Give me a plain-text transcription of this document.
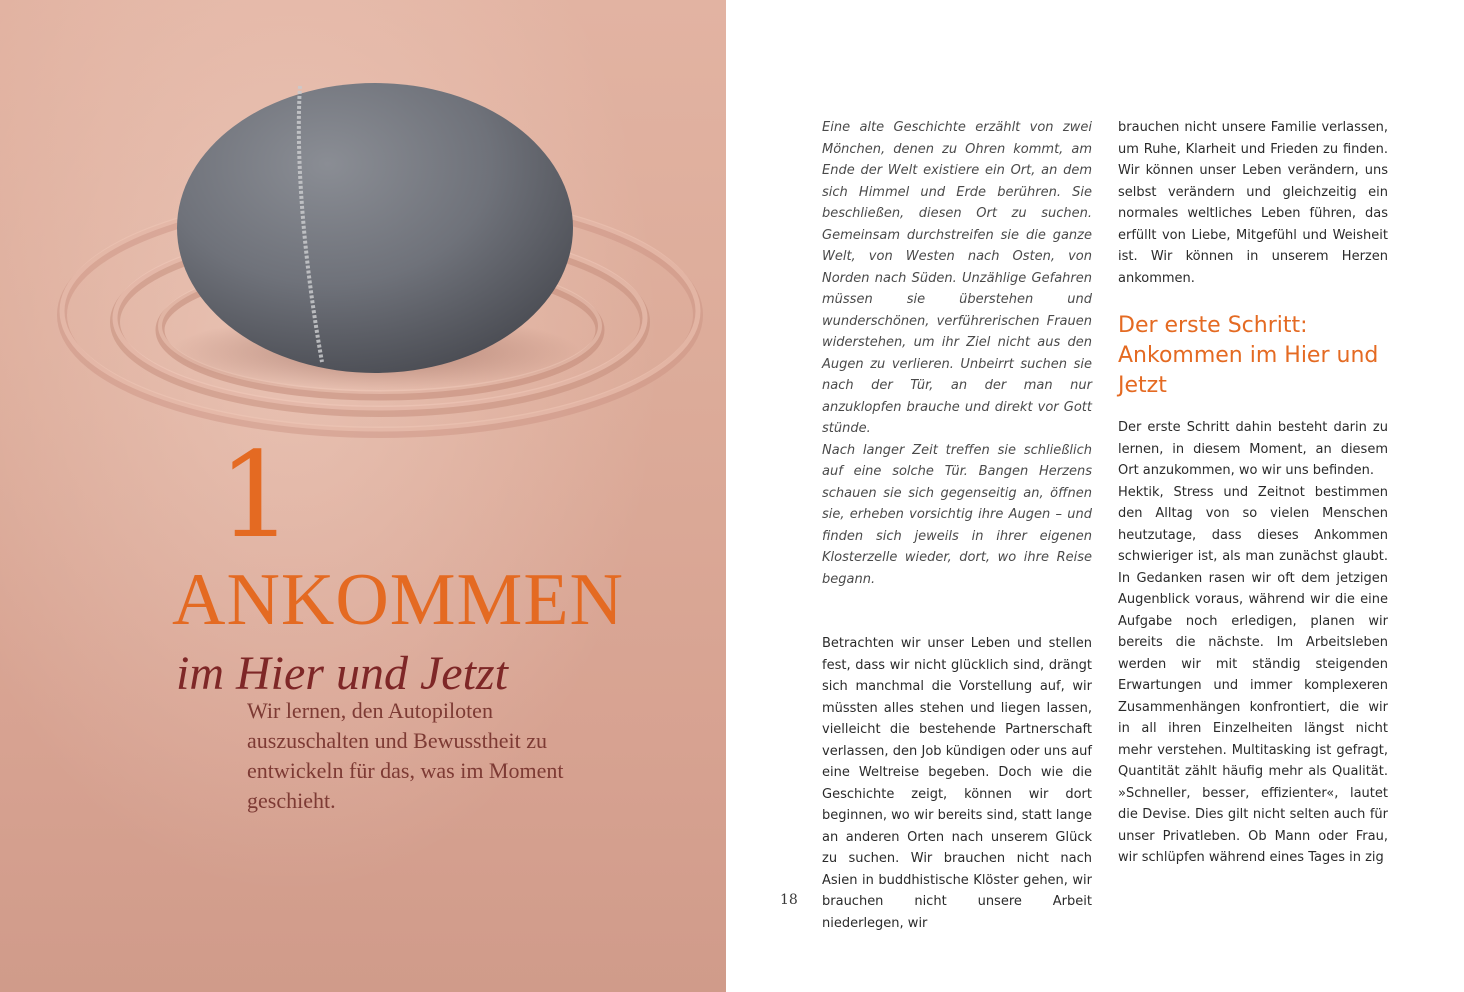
1
ANKOMMEN
im Hier und Jetzt
Wir lernen, den Autopiloten auszuschalten und Bewusstheit zu entwickeln für das, was im Moment geschieht.

Eine alte Geschichte erzählt von zwei Mönchen, denen zu Ohren kommt, am Ende der Welt existiere ein Ort, an dem sich Himmel und Erde berühren. Sie beschließen, diesen Ort zu suchen. Gemeinsam durchstreifen sie die ganze Welt, von Westen nach Osten, von Norden nach Süden. Unzählige Gefahren müssen sie überstehen und wunderschönen, verführerischen Frauen widerstehen, um ihr Ziel nicht aus den Augen zu verlieren. Unbeirrt suchen sie nach der Tür, an der man nur anzuklopfen brauche und direkt vor Gott stünde.

Nach langer Zeit treffen sie schließlich auf eine solche Tür. Bangen Herzens schauen sie sich gegenseitig an, öffnen sie, erheben vorsichtig ihre Augen – und finden sich jeweils in ihrer eigenen Klosterzelle wieder, dort, wo ihre Reise begann.

Betrachten wir unser Leben und stellen fest, dass wir nicht glücklich sind, drängt sich manchmal die Vorstellung auf, wir müssten alles stehen und liegen lassen, vielleicht die bestehende Partnerschaft verlassen, den Job kündigen oder uns auf eine Weltreise begeben. Doch wie die Geschichte zeigt, können wir dort beginnen, wo wir bereits sind, statt lange an anderen Orten nach unserem Glück zu suchen. Wir brauchen nicht nach Asien in buddhistische Klöster gehen, wir brauchen nicht unsere Arbeit niederlegen, wir

brauchen nicht unsere Familie verlassen, um Ruhe, Klarheit und Frieden zu finden. Wir können unser Leben verändern, uns selbst verändern und gleichzeitig ein normales weltliches Leben führen, das erfüllt von Liebe, Mitgefühl und Weisheit ist. Wir können in unserem Herzen ankommen.

Der erste Schritt: Ankommen im Hier und Jetzt

Der erste Schritt dahin besteht darin zu lernen, in diesem Moment, an diesem Ort anzukommen, wo wir uns befinden.

Hektik, Stress und Zeitnot bestimmen den Alltag von so vielen Menschen heutzutage, dass dieses Ankommen schwieriger ist, als man zunächst glaubt. In Gedanken rasen wir oft dem jetzigen Augenblick voraus, während wir die eine Aufgabe noch erledigen, planen wir bereits die nächste. Im Arbeitsleben werden wir mit ständig steigenden Erwartungen und immer komplexeren Zusammenhängen konfrontiert, die wir in all ihren Einzelheiten längst nicht mehr verstehen. Multitasking ist gefragt, Quantität zählt häufig mehr als Qualität. »Schneller, besser, effizienter«, lautet die Devise. Dies gilt nicht selten auch für unser Privatleben. Ob Mann oder Frau, wir schlüpfen während eines Tages in zig

18
